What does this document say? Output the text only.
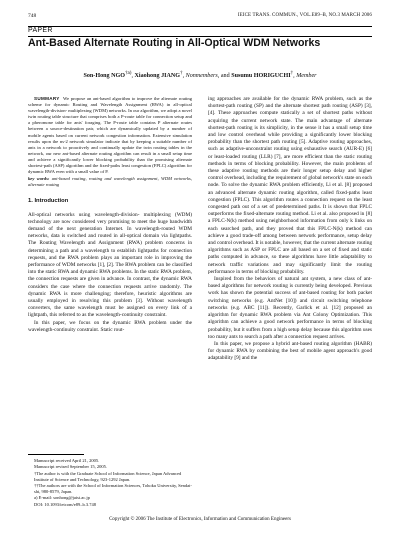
748	IEICE TRANS. COMMUN., VOL.E89–B, NO.3 MARCH 2006
PAPER
Ant-Based Alternate Routing in All-Optical WDM Networks
Son-Hong NGO$^{\dagger a)}$, Xiaohong JIANG†, Nonmembers, and Susumu HORIGUCHI†, Member

SUMMARY We propose an ant-based algorithm to improve the alternate routing scheme for dynamic Routing and Wavelength Assignment (RWA) in all-optical wavelength-division- multiplexing (WDM) networks. In our algorithm, we adopt a novel twin routing table structure that comprises both a P-route table for connection setup and a pheromone table for ants' foraging. The P-route table contains P alternate routes between a source-destination pair, which are dynamically updated by a number of mobile agents based on current network congestion information. Extensive simulation results upon the ns-2 network simulator indicate that by keeping a suitable number of ants in a network to proactively and continually update the twin routing tables in the network, our new ant-based alternate routing algorithm can result in a small setup time and achieve a significantly lower blocking probability than the promising alternate shortest-path (ASP) algorithm and the fixed-paths least congestion (FPLC) algorithm for dynamic RWA even with a small value of P.

key words: ant-based routing, routing and wavelength assignment, WDM networks, alternate routing
1. Introduction

All-optical networks using wavelength-division- multiplexing (WDM) technology are now considered very promising to meet the huge bandwidth demand of the next generation Internet. In wavelength-routed WDM networks, data is switched and routed in all-optical domain via lightpaths. The Routing Wavelength and Assignment (RWA) problem concerns in determining a path and a wavelength to establish lightpaths for connection requests, and the RWA problem plays an important role in improving the performance of WDM networks [1], [2]. The RWA problem can be classified into the static RWA and dynamic RWA problems. In the static RWA problem, the connection requests are given in advance. In contrast, the dynamic RWA considers the case where the connection requests arrive randomly. The dynamic RWA is more challenging; therefore, heuristic algorithms are usually employed in resolving this problem [3]. Without wavelength converters, the same wavelength must be assigned on every link of a lightpath, this referred to as the wavelength-continuity constraint.

In this paper, we focus on the dynamic RWA problem under the wavelength-continuity constraint. Static rout-

Manuscript received April 21, 2005.

Manuscript revised September 15, 2005.

†The author is with the Graduate School of Information Science, Japan Advanced Institute of Science and Technology, 923-1292 Japan.

††The authors are with the School of Information Sciences, Tohoku University, Sendai-shi, 980-8579, Japan.

a) E-mail: sonhong@jaist.ac.jp

DOI: 10.1093/ietcom/e89–b.3.748

ing approaches are available for the dynamic RWA problem, such as the shortest-path routing (SP) and the alternate shortest path routing (ASP) [3], [4]. These approaches compute statically a set of shortest paths without acquiring the current network state. The main advantage of alternate shortest-path routing is its simplicity, in the sense it has a small setup time and low control overhead while providing a significantly lower blocking probability than the shortest path routing [5]. Adaptive routing approaches, such as adaptive-unconstraint routing using exhaustive search (AUR-E) [6] or least-loaded routing (LLR) [7], are more efficient than the static routing methods in terms of blocking probability. However, the main problems of these adaptive routing methods are their longer setup delay and higher control overhead, including the requirement of global network's state on each node. To solve the dynamic RWA problem efficiently, Li et al. [8] proposed an advanced alternate dynamic routing algorithm, called fixed-paths least congestion (FPLC). This algorithm routes a connection request on the least congested path out of a set of predetermined paths. It is shown that FPLC outperforms the fixed-alternate routing method. Li et al. also proposed in [8] a FPLC-N(k) method using neighborhood information from only k links on each searched path, and they proved that this FPLC-N(k) method can achieve a good trade-off among between network performance, setup delay and control overhead. It is notable, however, that the current alternate routing algorithms such as ASP or FPLC are all based on a set of fixed and static paths computed in advance, so these algorithms have little adaptability to network traffic variations and may significantly limit the routing performance in terms of blocking probability.

Inspired from the behaviors of natural ant system, a new class of ant-based algorithms for network routing is currently being developed. Previous work has shown the potential success of ant-based routing for both packet switching networks (e.g. AntNet [10]) and circuit switching telephone networks (e.g. ABC [11]). Recently, Garlick et al. [12] proposed an algorithm for dynamic RWA problem via Ant Colony Optimization. This algorithm can achieve a good network performance in terms of blocking probability, but it suffers from a high setup delay because this algorithm uses too many ants to search a path after a connection request arrives.

In this paper, we propose a hybrid ant-based routing algorithm (HABR) for dynamic RWA by combining the best of mobile agent approach's good adaptability [9] and the

Copyright © 2006 The Institute of Electronics, Information and Communication Engineers
